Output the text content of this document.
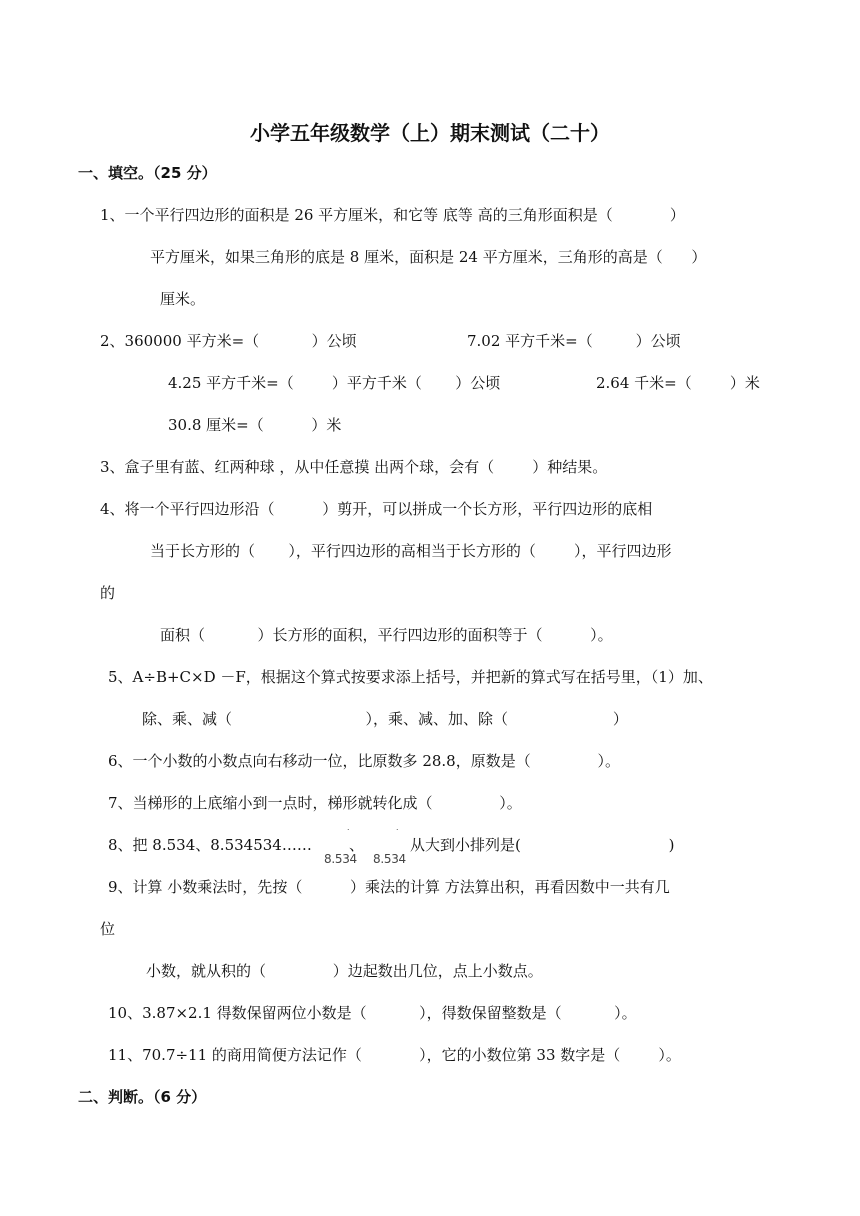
小学五年级数学（上）期末测试（二十）
一、填空。（25 分）
1、一个平行四边形的面积是 26 平方厘米，和它等 底等 高的三角形面积是（            ）
平方厘米，如果三角形的底是 8 厘米，面积是 24 平方厘米，三角形的高是（      ）
厘米。
2、360000 平方米=（           ）公顷	7.02 平方千米=（         ）公顷
4.25 平方千米=（        ）平方千米（       ）公顷	2.64 千米=（        ）米
30.8 厘米=（          ）米
3、盒子里有蓝、红两种球 ，从中任意摸 出两个球，会有（        ）种结果。
4、将一个平行四边形沿（          ）剪开，可以拼成一个长方形，平行四边形的底相
当于长方形的（       ），平行四边形的高相当于长方形的（        ），平行四边形
的
面积（           ）长方形的面积，平行四边形的面积等于（          ）。
5、A÷B+C×D －F，根据这个算式按要求添上括号，并把新的算式写在括号里，（1）加、
除、乘、减（                            ），乘、减、加、除（                      ）
6、一个小数的小数点向右移动一位，比原数多 28.8，原数是（              ）。
7、当梯形的上底缩小到一点时，梯形就转化成（              ）。
8、把 8.534、8.534534……

8.534
˙

、

8.534
˙

从大到小排列是(                               )
9、计算 小数乘法时，先按（          ）乘法的计算 方法算出积，再看因数中一共有几
位
小数，就从积的（              ）边起数出几位，点上小数点。
10、3.87×2.1 得数保留两位小数是（           ），得数保留整数是（           ）。
11、70.7÷11 的商用简便方法记作（            ），它的小数位第 33 数字是（        ）。
二、判断。（6 分）
